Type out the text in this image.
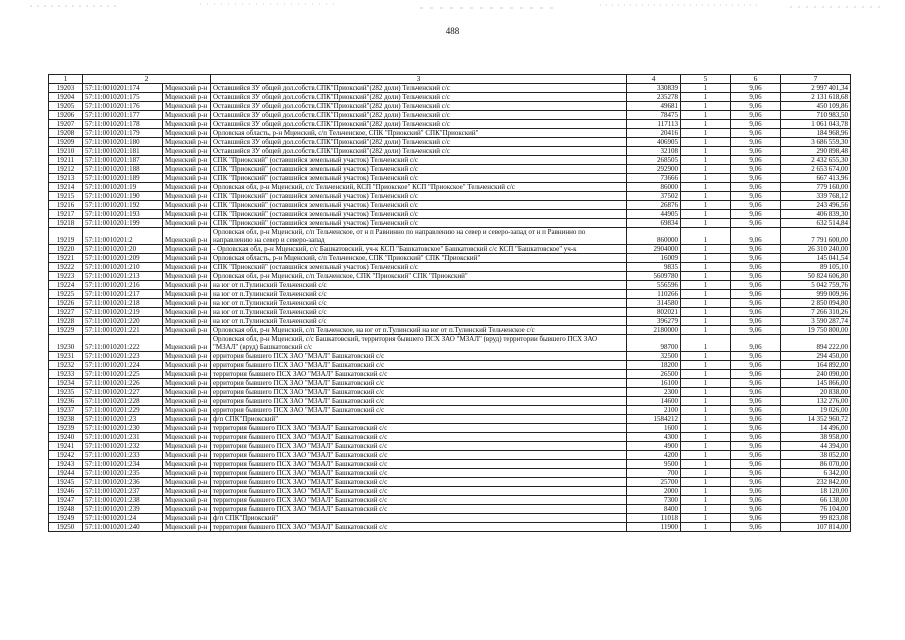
488
1	2		3	4	5	6	7
19203	57:11:0010201:174	Мценский р-н	Оставшийся ЗУ общей дол.собств.СПК"Приокский"(282 доли) Тельченский с/с	330839	1	9,06	2 997 401,34
19204	57:11:0010201:175	Мценский р-н	Оставшийся ЗУ общей дол.собств.СПК"Приокский"(282 доли) Тельченский с/с	235278	1	9,06	2 131 618,68
19205	57:11:0010201:176	Мценский р-н	Оставшийся ЗУ общей дол.собств.СПК"Приокский"(282 доли) Тельченский с/с	49681	1	9,06	450 109,86
19206	57:11:0010201:177	Мценский р-н	Оставшийся ЗУ общей дол.собств.СПК"Приокский"(282 доли) Тельченский с/с	78475	1	9,06	710 983,50
19207	57:11:0010201:178	Мценский р-н	Оставшийся ЗУ общей дол.собств.СПК"Приокский"(282 доли) Тельченский с/с	117113	1	9,06	1 061 043,78
19208	57:11:0010201:179	Мценский р-н	Орловская область, р-н Мценский, с/п Тельченское, СПК "Приокский" СПК"Приокский"	20416	1	9,06	184 968,96
19209	57:11:0010201:180	Мценский р-н	Оставшийся ЗУ общей дол.собств.СПК"Приокский"(282 доли) Тельченский с/с	406905	1	9,06	3 686 559,30
19210	57:11:0010201:181	Мценский р-н	Оставшийся ЗУ общей дол.собств.СПК"Приокский"(282 доли) Тельченский с/с	32108	1	9,06	290 898,48
19211	57:11:0010201:187	Мценский р-н	СПК "Приокский" (оставшийся земельный участок) Тельченский с/с	268505	1	9,06	2 432 655,30
19212	57:11:0010201:188	Мценский р-н	СПК "Приокский" (оставшийся земельный участок) Тельченский с/с	292900	1	9,06	2 653 674,00
19213	57:11:0010201:189	Мценский р-н	СПК "Приокский" (оставшийся земельный участок) Тельченский с/с	73666	1	9,06	667 413,96
19214	57:11:0010201:19	Мценский р-н	Орловская обл, р-н Мценский, с/с Тельченский, КСП "Приокское" КСП "Приокское" Тельченский с/с	86000	1	9,06	779 160,00
19215	57:11:0010201:190	Мценский р-н	СПК "Приокский" (оставшийся земельный участок) Тельченский с/с	37502	1	9,06	339 768,12
19216	57:11:0010201:192	Мценский р-н	СПК "Приокский" (оставшийся земельный участок) Тельченский с/с	26876	1	9,06	243 496,56
19217	57:11:0010201:193	Мценский р-н	СПК "Приокский" (оставшийся земельный участок) Тельченский с/с	44905	1	9,06	406 839,30
19218	57:11:0010201:199	Мценский р-н	СПК "Приокский" (оставшийся земельный участок) Тельченский с/с	69834	1	9,06	632 514,84
19219	57:11:0010201:2	Мценский р-н	Орловская обл, р-н Мценский, с/п Тельченское, от н п Равнинно по направлению на север и северо-запад от н п Равнинно по направлению на север и северо-запад	860000	1	9,06	7 791 600,00
19220	57:11:0010201:20	Мценский р-н	- Орловская обл, р-н Мценский, с/с Башкатовский, уч-к КСП "Башкатовское" Башкатовский с/с КСП "Башкатовское" уч-к	2904000	1	9,06	26 310 240,00
19221	57:11:0010201:209	Мценский р-н	Орловская область, р-н Мценский, с/п Тельченское, СПК "Приокский" СПК "Приокский"	16009	1	9,06	145 041,54
19222	57:11:0010201:210	Мценский р-н	СПК "Приокский" (оставшийся земельный участок) Тельченский с/с	9835	1	9,06	89 105,10
19223	57:11:0010201:213	Мценский р-н	Орловская обл, р-н Мценский, с/п Тельченское, СПК "Приокский" СПК "Приокский"	5609780	1	9,06	50 824 606,80
19224	57:11:0010201:216	Мценский р-н	на юг от п.Тулинский Тельченский с/с	556596	1	9,06	5 042 759,76
19225	57:11:0010201:217	Мценский р-н	на юг от п.Тулинский Тельченский с/с	110266	1	9,06	999 009,96
19226	57:11:0010201:218	Мценский р-н	на юг от п.Тулинский Тельченский с/с	314580	1	9,06	2 850 094,80
19227	57:11:0010201:219	Мценский р-н	на юг от п.Тулинский Тельченский с/с	802021	1	9,06	7 266 310,26
19228	57:11:0010201:220	Мценский р-н	на юг от п.Тулинский Тельченский с/с	396279	1	9,06	3 590 287,74
19229	57:11:0010201:221	Мценский р-н	Орловская обл, р-н Мценский, с/п Тельченское, на юг от п.Тулинский на юг от п.Тулинский Тельченское с/с	2180000	1	9,06	19 750 800,00
19230	57:11:0010201:222	Мценский р-н	Орловская обл, р-н Мценский, с/с Башкатовский, территория бывшего ПСХ ЗАО "МЗАЛ" (вруд) территории бывшего ПСХ ЗАО "МЗАЛ" (вруд) Башкатовский с/с	98700	1	9,06	894 222,00
19231	57:11:0010201:223	Мценский р-н	ерритория бывшего ПСХ ЗАО "МЗАЛ" Башкатовский с/с	32500	1	9,06	294 450,00
19232	57:11:0010201:224	Мценский р-н	ерритория бывшего ПСХ ЗАО "МЗАЛ" Башкатовский с/с	18200	1	9,06	164 892,00
19233	57:11:0010201:225	Мценский р-н	территория бывшего ПСХ ЗАО "МЗАЛ" Башкатовский с/с	26500	1	9,06	240 090,00
19234	57:11:0010201:226	Мценский р-н	ерритория бывшего ПСХ ЗАО "МЗАЛ" Башкатовский с/с	16100	1	9,06	145 866,00
19235	57:11:0010201:227	Мценский р-н	ерритория бывшего ПСХ ЗАО "МЗАЛ" Башкатовский с/с	2300	1	9,06	20 838,00
19236	57:11:0010201:228	Мценский р-н	ерритория бывшего ПСХ ЗАО "МЗАЛ" Башкатовский с/с	14600	1	9,06	132 276,00
19237	57:11:0010201:229	Мценский р-н	ерритория бывшего ПСХ ЗАО "МЗАЛ" Башкатовский с/с	2100	1	9,06	19 026,00
19238	57:11:0010201:23	Мценский р-н	ф/п СПК"Приокский"	1584212	1	9,06	14 352 960,72
19239	57:11:0010201:230	Мценский р-н	территория бывшего ПСХ ЗАО "МЗАЛ" Башкатовский с/с	1600	1	9,06	14 496,00
19240	57:11:0010201:231	Мценский р-н	территория бывшего ПСХ ЗАО "МЗАЛ" Башкатовский с/с	4300	1	9,06	38 958,00
19241	57:11:0010201:232	Мценский р-н	территория бывшего ПСХ ЗАО "МЗАЛ" Башкатовский с/с	4900	1	9,06	44 394,00
19242	57:11:0010201:233	Мценский р-н	территория бывшего ПСХ ЗАО "МЗАЛ" Башкатовский с/с	4200	1	9,06	38 052,00
19243	57:11:0010201:234	Мценский р-н	территория бывшего ПСХ ЗАО "МЗАЛ" Башкатовский с/с	9500	1	9,06	86 070,00
19244	57:11:0010201:235	Мценский р-н	территория бывшего ПСХ ЗАО "МЗАЛ" Башкатовский с/с	700	1	9,06	6 342,00
19245	57:11:0010201:236	Мценский р-н	территория бывшего ПСХ ЗАО "МЗАЛ" Башкатовский с/с	25700	1	9,06	232 842,00
19246	57:11:0010201:237	Мценский р-н	территория бывшего ПСХ ЗАО "МЗАЛ" Башкатовский с/с	2000	1	9,06	18 120,00
19247	57:11:0010201:238	Мценский р-н	территория бывшего ПСХ ЗАО "МЗАЛ" Башкатовский с/с	7300	1	9,06	66 138,00
19248	57:11:0010201:239	Мценский р-н	территория бывшего ПСХ ЗАО "МЗАЛ" Башкатовский с/с	8400	1	9,06	76 104,00
19249	57:11:0010201:24	Мценский р-н	ф/п СПК"Приокский"	11018	1	9,06	99 823,08
19250	57:11:0010201:240	Мценский р-н	территория бывшего ПСХ ЗАО "МЗАЛ" Башкатовский с/с	11900	1	9,06	107 814,00
